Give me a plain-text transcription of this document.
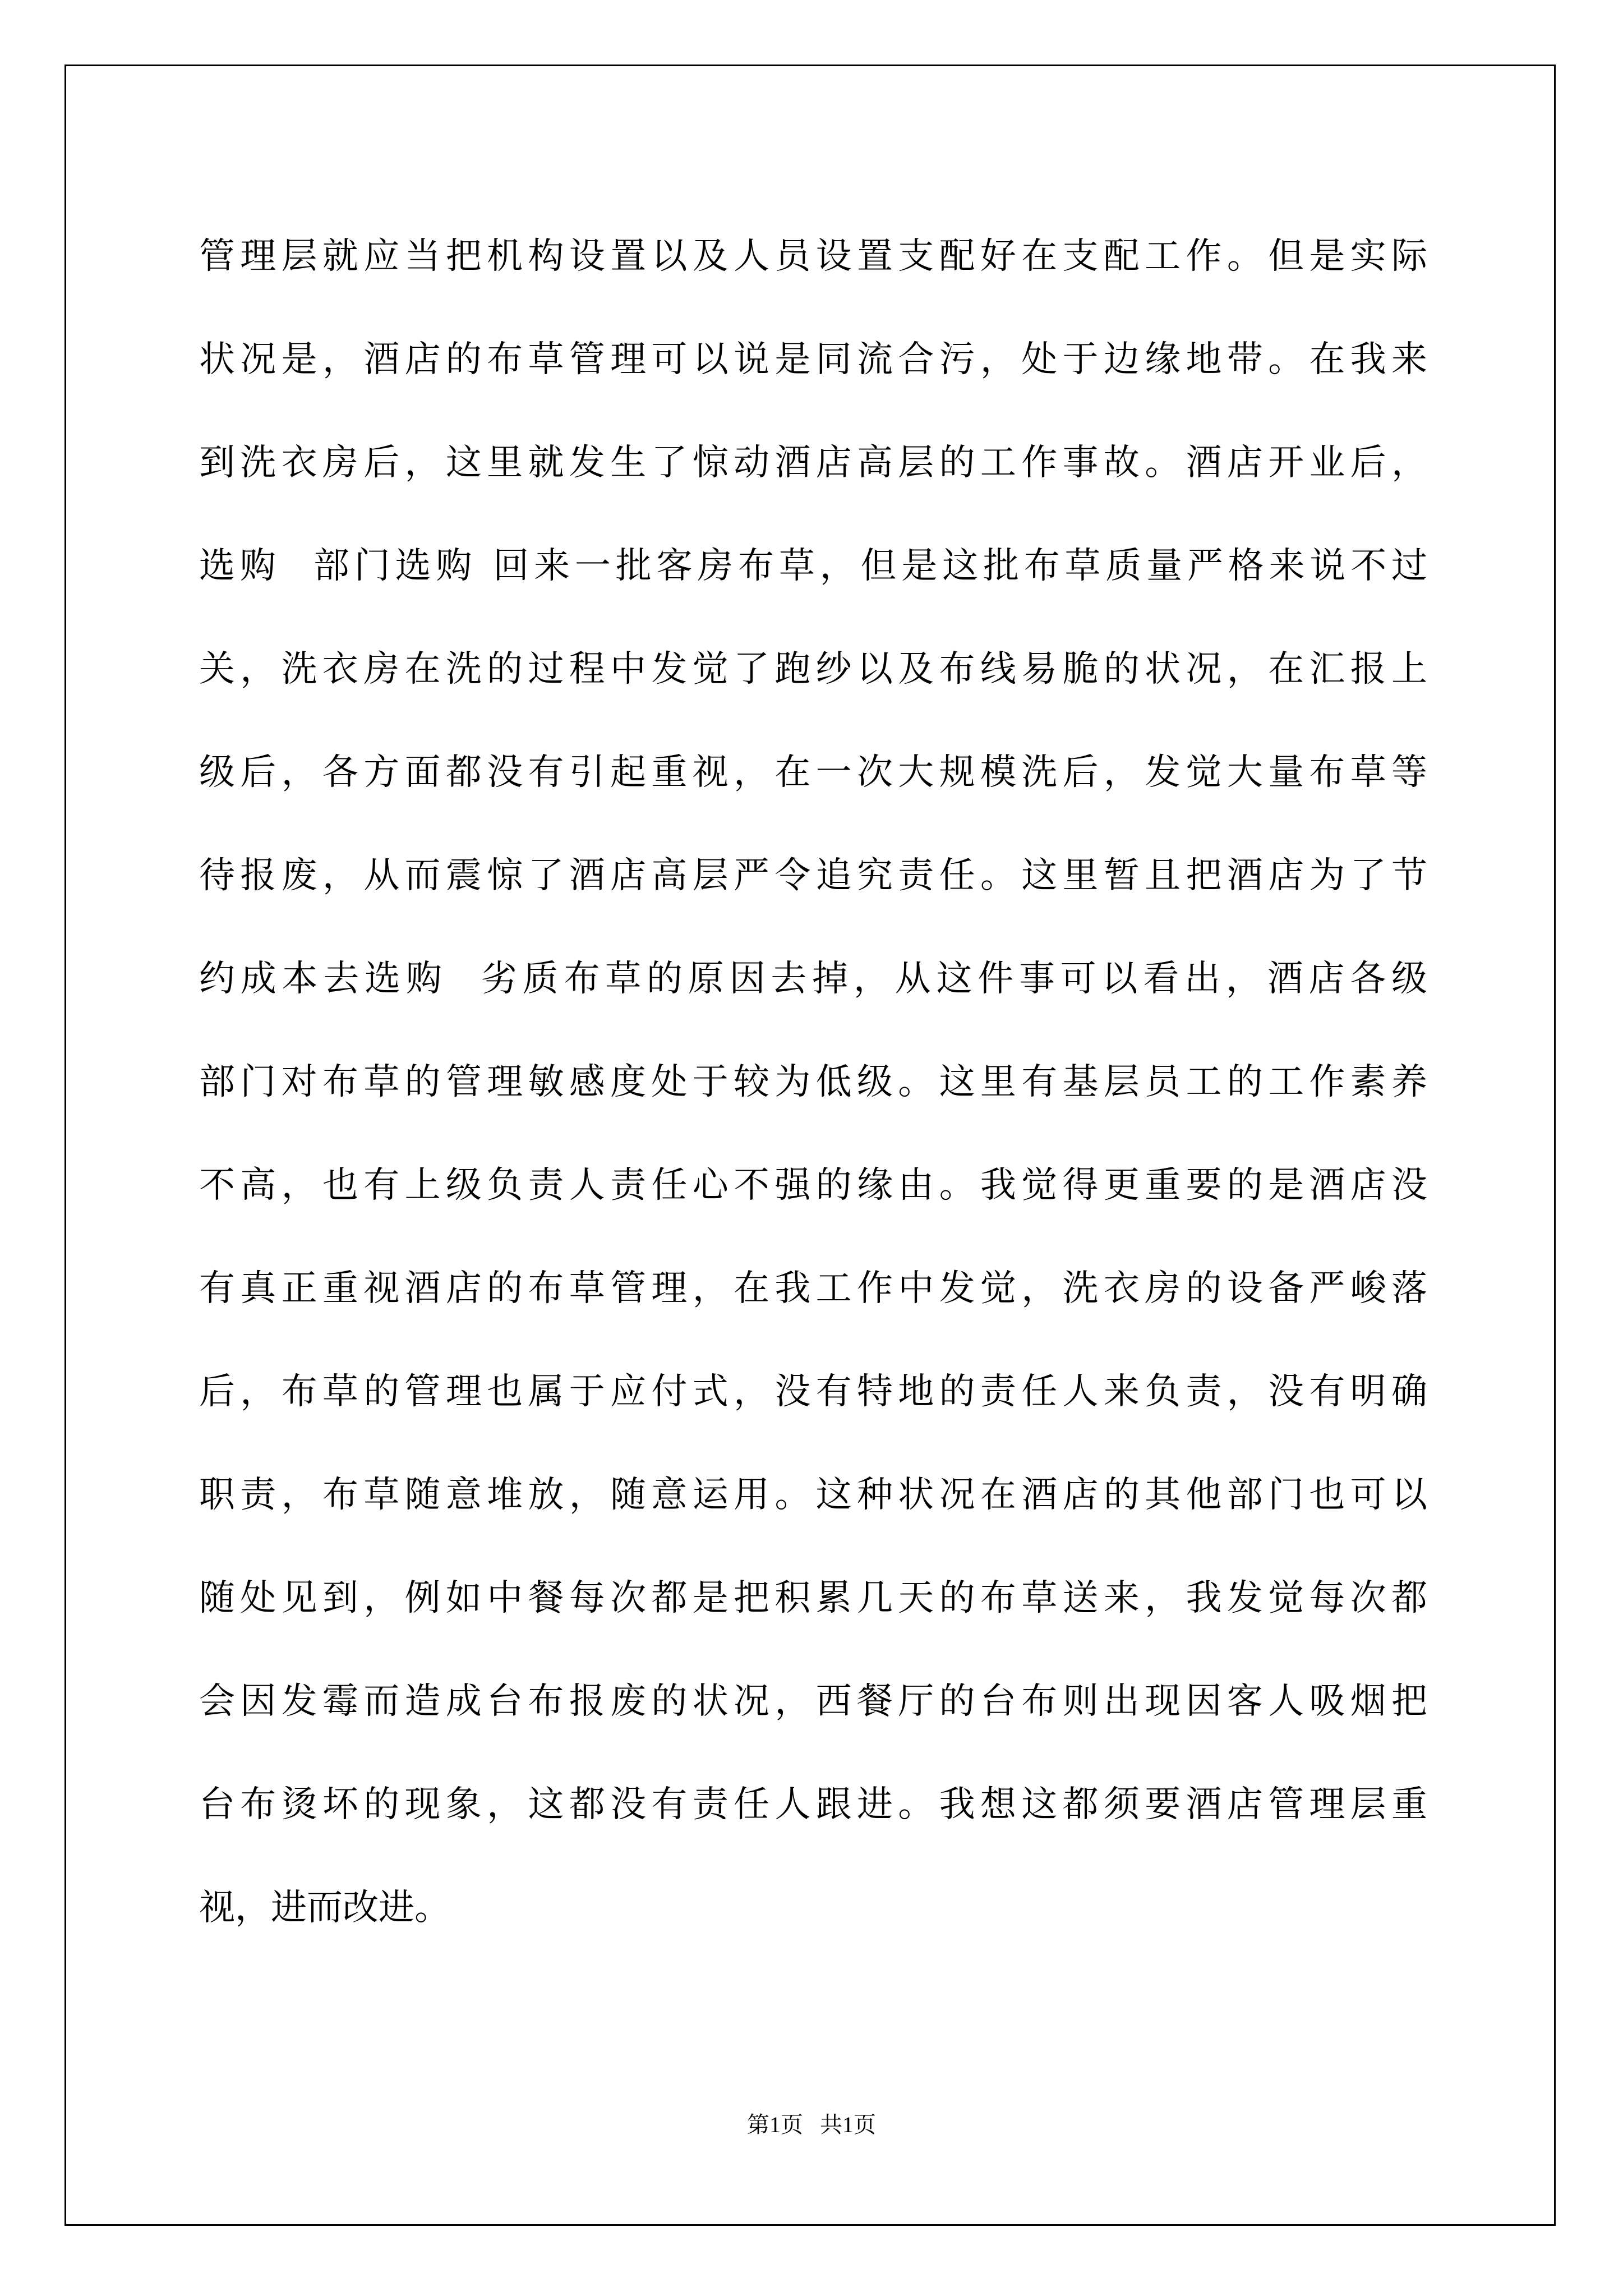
管理层就应当把机构设置以及人员设置支配好在支配工作。但是实际
状况是，酒店的布草管理可以说是同流合污，处于边缘地带。在我来
到洗衣房后，这里就发生了惊动酒店高层的工作事故。酒店开业后，
选购  部门选购 回来一批客房布草，但是这批布草质量严格来说不过
关，洗衣房在洗的过程中发觉了跑纱以及布线易脆的状况，在汇报上
级后，各方面都没有引起重视，在一次大规模洗后，发觉大量布草等
待报废，从而震惊了酒店高层严令追究责任。这里暂且把酒店为了节
约成本去选购  劣质布草的原因去掉，从这件事可以看出，酒店各级
部门对布草的管理敏感度处于较为低级。这里有基层员工的工作素养
不高，也有上级负责人责任心不强的缘由。我觉得更重要的是酒店没
有真正重视酒店的布草管理，在我工作中发觉，洗衣房的设备严峻落
后，布草的管理也属于应付式，没有特地的责任人来负责，没有明确
职责，布草随意堆放，随意运用。这种状况在酒店的其他部门也可以
随处见到，例如中餐每次都是把积累几天的布草送来，我发觉每次都
会因发霉而造成台布报废的状况，西餐厅的台布则出现因客人吸烟把
台布烫坏的现象，这都没有责任人跟进。我想这都须要酒店管理层重
视，进而改进。
第1页   共1页
